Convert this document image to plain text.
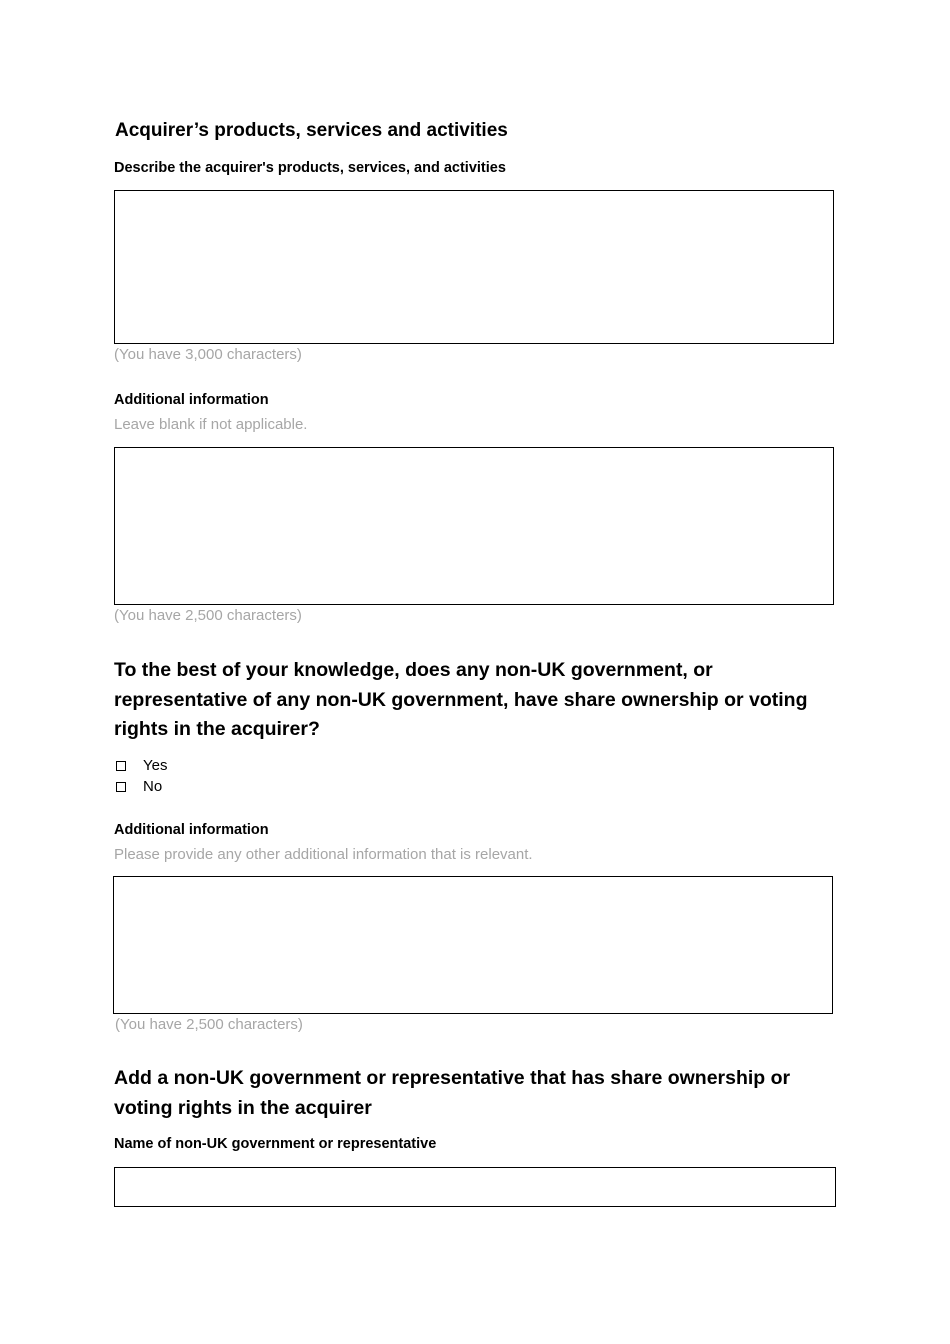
Acquirer’s products, services and activities
Describe the acquirer's products, services, and activities
(You have 3,000 characters)
Additional information
Leave blank if not applicable.
(You have 2,500 characters)
To the best of your knowledge, does any non-UK government, or representative of any non-UK government, have share ownership or voting rights in the acquirer?
Yes
No
Additional information
Please provide any other additional information that is relevant.
(You have 2,500 characters)
Add a non-UK government or representative that has share ownership or voting rights in the acquirer
Name of non-UK government or representative
